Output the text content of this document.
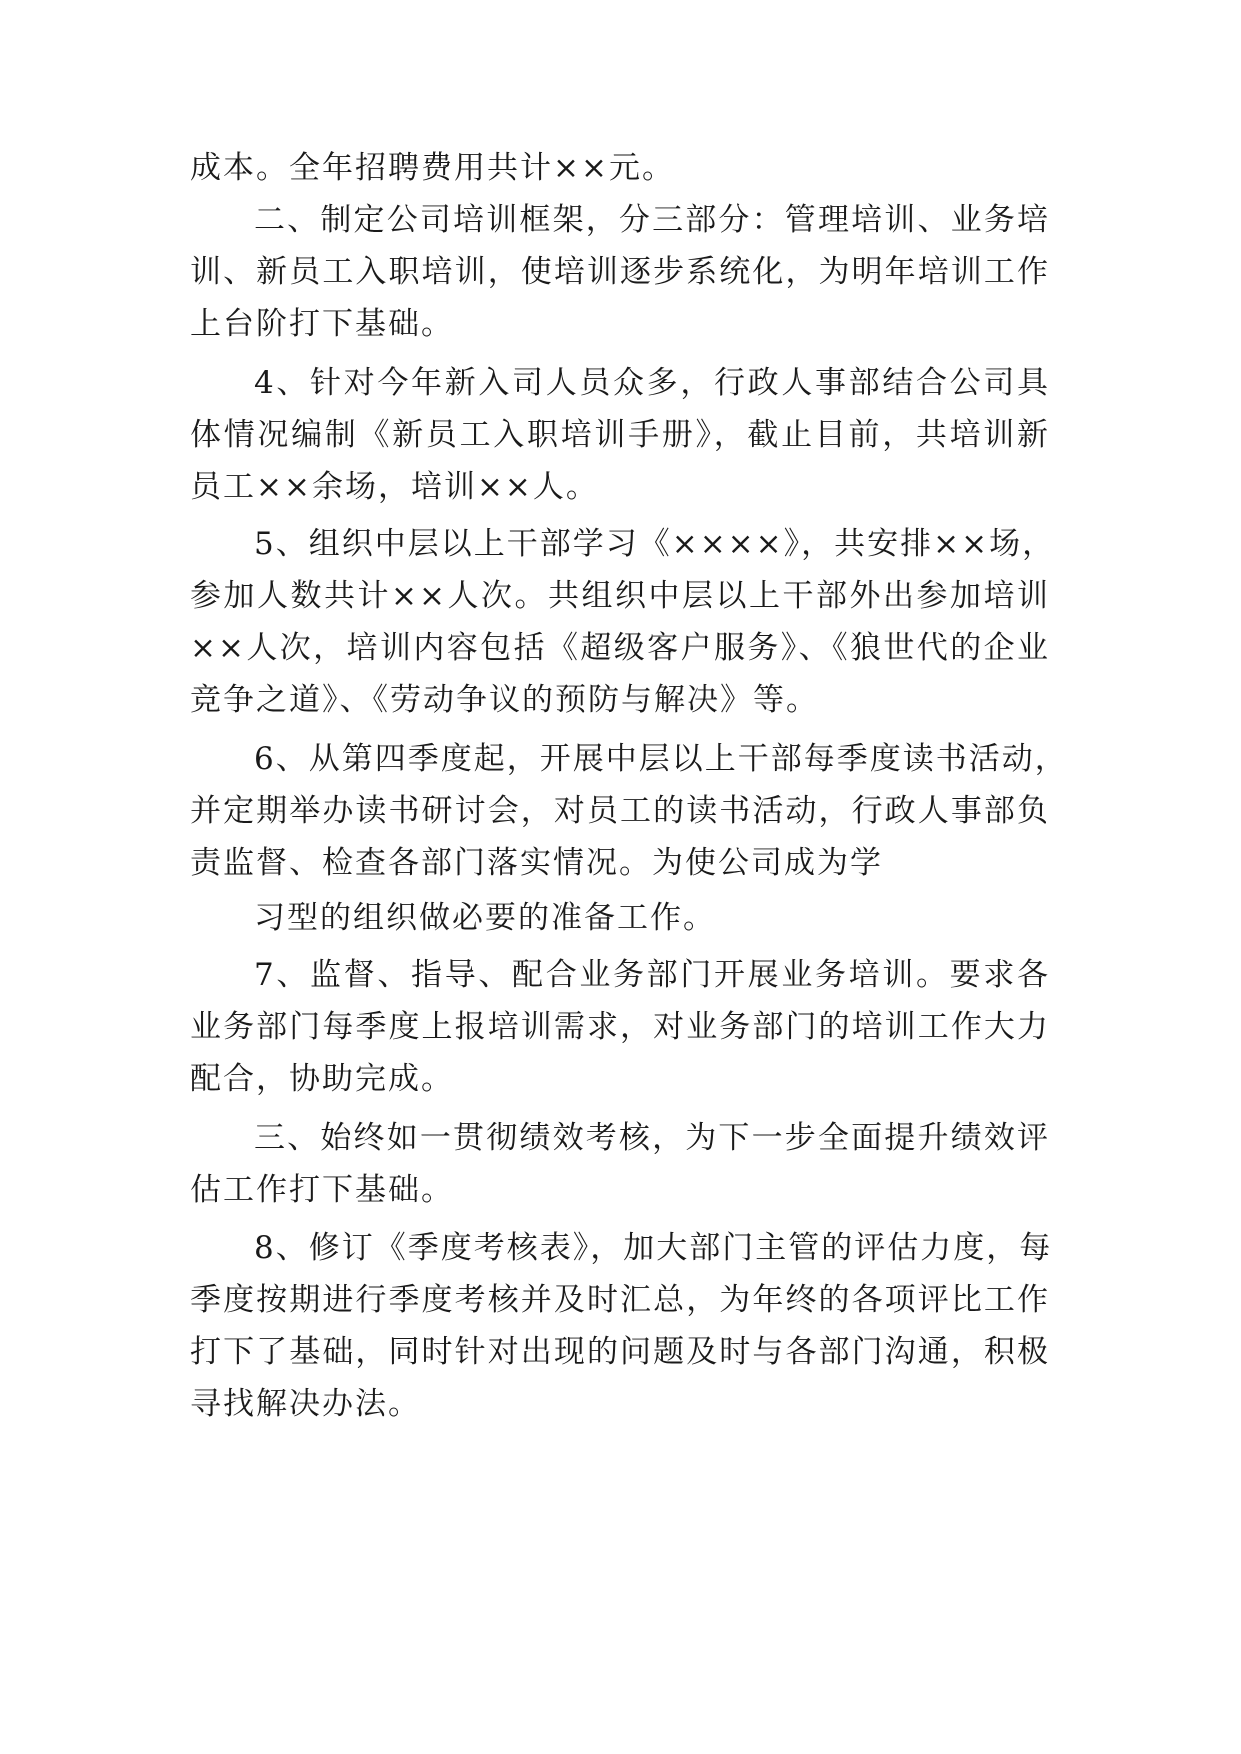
成本。全年招聘费用共计××元。
二、制定公司培训框架，分三部分：管理培训、业务培
训、新员工入职培训，使培训逐步系统化，为明年培训工作
上台阶打下基础。
4、针对今年新入司人员众多，行政人事部结合公司具
体情况编制《新员工入职培训手册》，截止目前，共培训新
员工××余场，培训××人。
5、组织中层以上干部学习《××××》，共安排××场，
参加人数共计××人次。共组织中层以上干部外出参加培训
××人次，培训内容包括《超级客户服务》、《狼世代的企业
竞争之道》、《劳动争议的预防与解决》等。
6、从第四季度起，开展中层以上干部每季度读书活动，
并定期举办读书研讨会，对员工的读书活动，行政人事部负
责监督、检查各部门落实情况。为使公司成为学
习型的组织做必要的准备工作。
7、监督、指导、配合业务部门开展业务培训。要求各
业务部门每季度上报培训需求，对业务部门的培训工作大力
配合，协助完成。
三、始终如一贯彻绩效考核，为下一步全面提升绩效评
估工作打下基础。
8、修订《季度考核表》，加大部门主管的评估力度，每
季度按期进行季度考核并及时汇总，为年终的各项评比工作
打下了基础，同时针对出现的问题及时与各部门沟通，积极
寻找解决办法。
